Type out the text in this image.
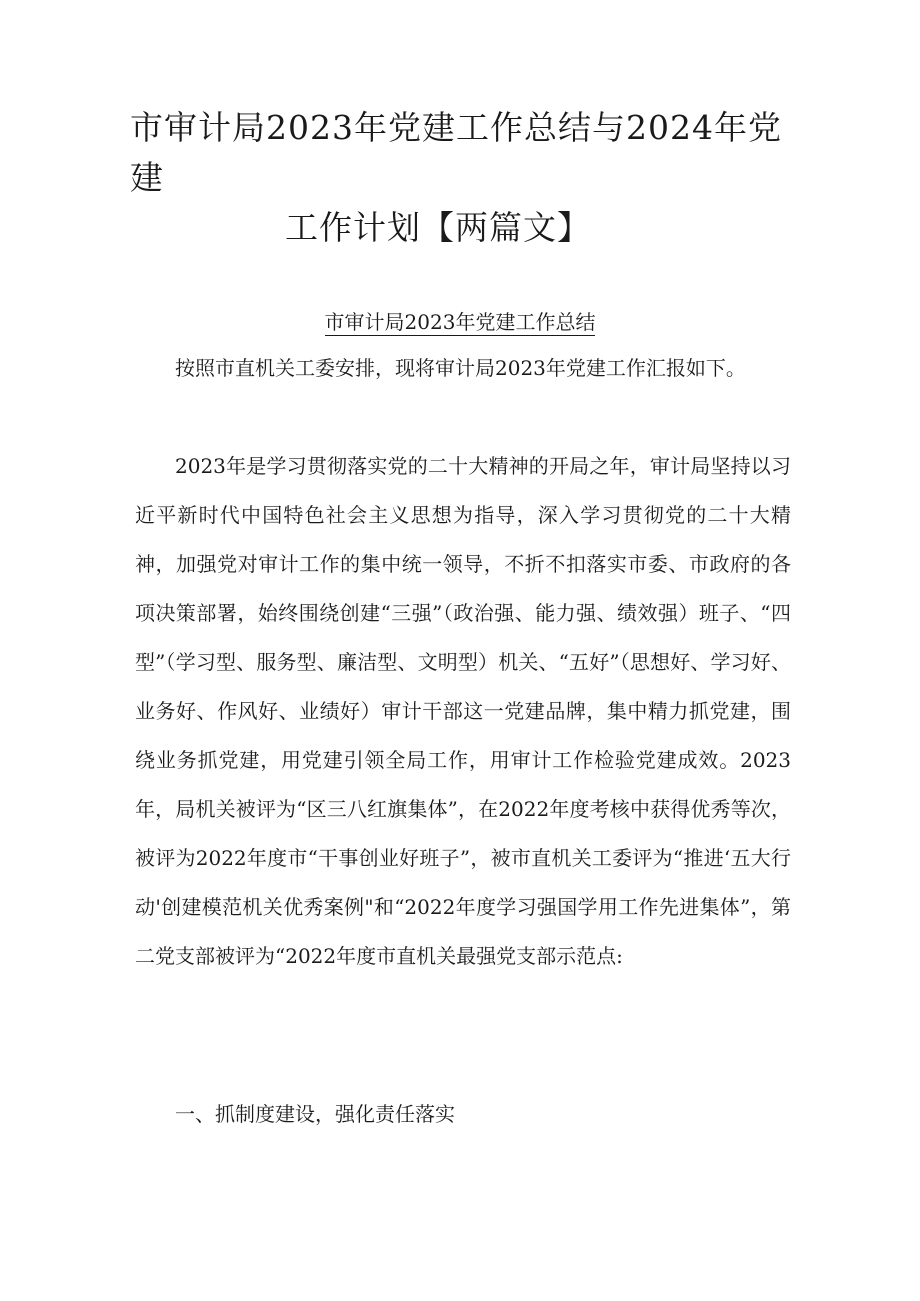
市审计局2023年党建工作总结与2024年党建
工作计划【两篇文】

市审计局2023年党建工作总结

按照市直机关工委安排，现将审计局2023年党建工作汇报如下。

2023年是学习贯彻落实党的二十大精神的开局之年，审计局坚持以习近平新时代中国特色社会主义思想为指导，深入学习贯彻党的二十大精神，加强党对审计工作的集中统一领导，不折不扣落实市委、市政府的各项决策部署，始终围绕创建“三强”（政治强、能力强、绩效强）班子、“四型”（学习型、服务型、廉洁型、文明型）机关、“五好”（思想好、学习好、业务好、作风好、业绩好）审计干部这一党建品牌，集中精力抓党建，围绕业务抓党建，用党建引领全局工作，用审计工作检验党建成效。2023年，局机关被评为“区三八红旗集体”，在2022年度考核中获得优秀等次，被评为2022年度市“干事创业好班子”，被市直机关工委评为“推进‘五大行动'创建模范机关优秀案例"和“2022年度学习强国学用工作先进集体”，第二党支部被评为“2022年度市直机关最强党支部示范点:

一、抓制度建设，强化责任落实
